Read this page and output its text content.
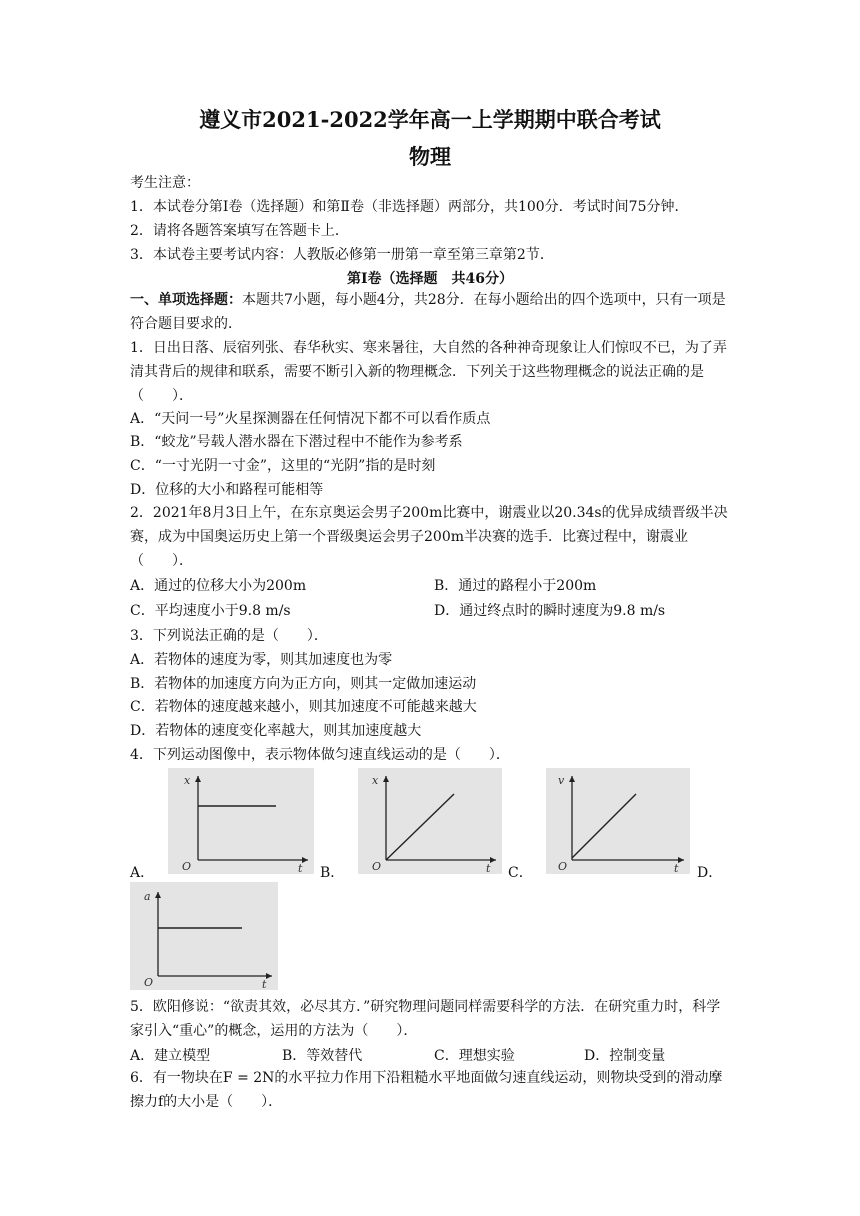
遵义市2021-2022学年高一上学期期中联合考试
物理
考生注意：
1．本试卷分第Ⅰ卷（选择题）和第Ⅱ卷（非选择题）两部分，共100分．考试时间75分钟．
2．请将各题答案填写在答题卡上．
3．本试卷主要考试内容：人教版必修第一册第一章至第三章第2节．
第Ⅰ卷（选择题　共46分）
一、单项选择题：本题共7小题，每小题4分，共28分．在每小题给出的四个选项中，只有一项是符合题目要求的．
1．日出日落、辰宿列张、春华秋实、寒来暑往，大自然的各种神奇现象让人们惊叹不已，为了弄清其背后的规律和联系，需要不断引入新的物理概念．下列关于这些物理概念的说法正确的是（　　）．
A．“天问一号”火星探测器在任何情况下都不可以看作质点
B．“蛟龙”号载人潜水器在下潜过程中不能作为参考系
C．“一寸光阴一寸金”，这里的“光阴”指的是时刻
D．位移的大小和路程可能相等
2．2021年8月3日上午，在东京奥运会男子200m比赛中，谢震业以20.34s的优异成绩晋级半决赛，成为中国奥运历史上第一个晋级奥运会男子200m半决赛的选手．比赛过程中，谢震业（　　）．
A．通过的位移大小为200m	B．通过的路程小于200m
C．平均速度小于9.8 m/s	D．通过终点时的瞬时速度为9.8 m/s
3．下列说法正确的是（　　）．
A．若物体的速度为零，则其加速度也为零
B．若物体的加速度方向为正方向，则其一定做加速运动
C．若物体的速度越来越小，则其加速度不可能越来越大
D．若物体的速度变化率越大，则其加速度越大
4．下列运动图像中，表示物体做匀速直线运动的是（　　）．
A．
x
t
O	B．
x
t
O	C．
v
t
O	D．
a
t
O
5．欧阳修说：“欲责其效，必尽其方．”研究物理问题同样需要科学的方法．在研究重力时，科学家引入“重心”的概念，运用的方法为（　　）．
A．建立模型	B．等效替代	C．理想实验	D．控制变量
6．有一物块在F = 2N的水平拉力作用下沿粗糙水平地面做匀速直线运动，则物块受到的滑动摩擦力f的大小是（　　）．
